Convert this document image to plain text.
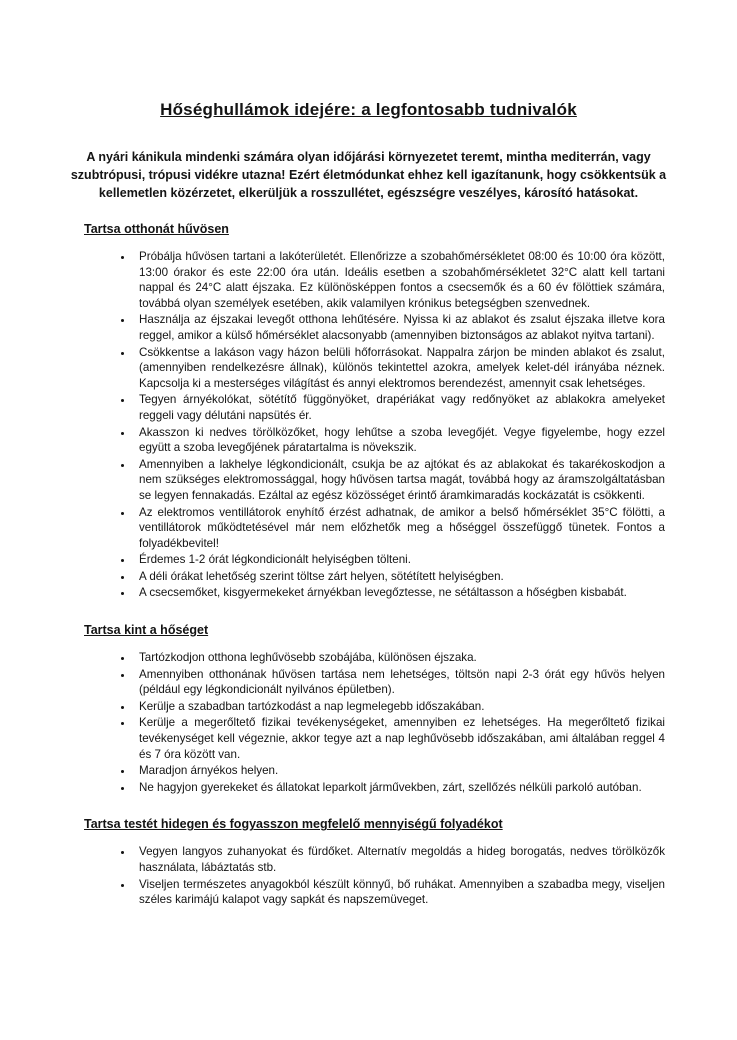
Hőséghullámok idejére: a legfontosabb tudnivalók

A nyári kánikula mindenki számára olyan időjárási környezetet teremt, mintha mediterrán, vagy szubtrópusi, trópusi vidékre utazna! Ezért életmódunkat ehhez kell igazítanunk, hogy csökkentsük a kellemetlen közérzetet, elkerüljük a rosszullétet, egészségre veszélyes, károsító hatásokat.

Tartsa otthonát hűvösen
• Próbálja hűvösen tartani a lakóterületét. Ellenőrizze a szobahőmérsékletet 08:00 és 10:00 óra között, 13:00 órakor és este 22:00 óra után. Ideális esetben a szobahőmérsékletet 32°C alatt kell tartani nappal és 24°C alatt éjszaka. Ez különösképpen fontos a csecsemők és a 60 év fölöttiek számára, továbbá olyan személyek esetében, akik valamilyen krónikus betegségben szenvednek.
• Használja az éjszakai levegőt otthona lehűtésére. Nyissa ki az ablakot és zsalut éjszaka illetve kora reggel, amikor a külső hőmérséklet alacsonyabb (amennyiben biztonságos az ablakot nyitva tartani).
• Csökkentse a lakáson vagy házon belüli hőforrásokat. Nappalra zárjon be minden ablakot és zsalut, (amennyiben rendelkezésre állnak), különös tekintettel azokra, amelyek kelet-dél irányába néznek. Kapcsolja ki a mesterséges világítást és annyi elektromos berendezést, amennyit csak lehetséges.
• Tegyen árnyékolókat, sötétítő függönyöket, drapériákat vagy redőnyöket az ablakokra amelyeket reggeli vagy délutáni napsütés ér.
• Akasszon ki nedves törölközőket, hogy lehűtse a szoba levegőjét. Vegye figyelembe, hogy ezzel együtt a szoba levegőjének páratartalma is növekszik.
• Amennyiben a lakhelye légkondicionált, csukja be az ajtókat és az ablakokat és takarékoskodjon a nem szükséges elektromossággal, hogy hűvösen tartsa magát, továbbá hogy az áramszolgáltatásban se legyen fennakadás. Ezáltal az egész közösséget érintő áramkimaradás kockázatát is csökkenti.
• Az elektromos ventillátorok enyhítő érzést adhatnak, de amikor a belső hőmérséklet 35°C fölötti, a ventillátorok működtetésével már nem előzhetők meg a hőséggel összefüggő tünetek. Fontos a folyadékbevitel!
• Érdemes 1-2 órát légkondicionált helyiségben tölteni.
• A déli órákat lehetőség szerint töltse zárt helyen, sötétített helyiségben.
• A csecsemőket, kisgyermekeket árnyékban levegőztesse, ne sétáltasson a hőségben kisbabát.
Tartsa kint a hőséget
• Tartózkodjon otthona leghűvösebb szobájába, különösen éjszaka.
• Amennyiben otthonának hűvösen tartása nem lehetséges, töltsön napi 2-3 órát egy hűvös helyen (például egy légkondicionált nyilvános épületben).
• Kerülje a szabadban tartózkodást a nap legmelegebb időszakában.
• Kerülje a megerőltető fizikai tevékenységeket, amennyiben ez lehetséges. Ha megerőltető fizikai tevékenységet kell végeznie, akkor tegye azt a nap leghűvösebb időszakában, ami általában reggel 4 és 7 óra között van.
• Maradjon árnyékos helyen.
• Ne hagyjon gyerekeket és állatokat leparkolt járművekben, zárt, szellőzés nélküli parkoló autóban.
Tartsa testét hidegen és fogyasszon megfelelő mennyiségű folyadékot
• Vegyen langyos zuhanyokat és fürdőket. Alternatív megoldás a hideg borogatás, nedves törölközők használata, lábáztatás stb.
• Viseljen természetes anyagokból készült könnyű, bő ruhákat. Amennyiben a szabadba megy, viseljen széles karimájú kalapot vagy sapkát és napszemüveget.
